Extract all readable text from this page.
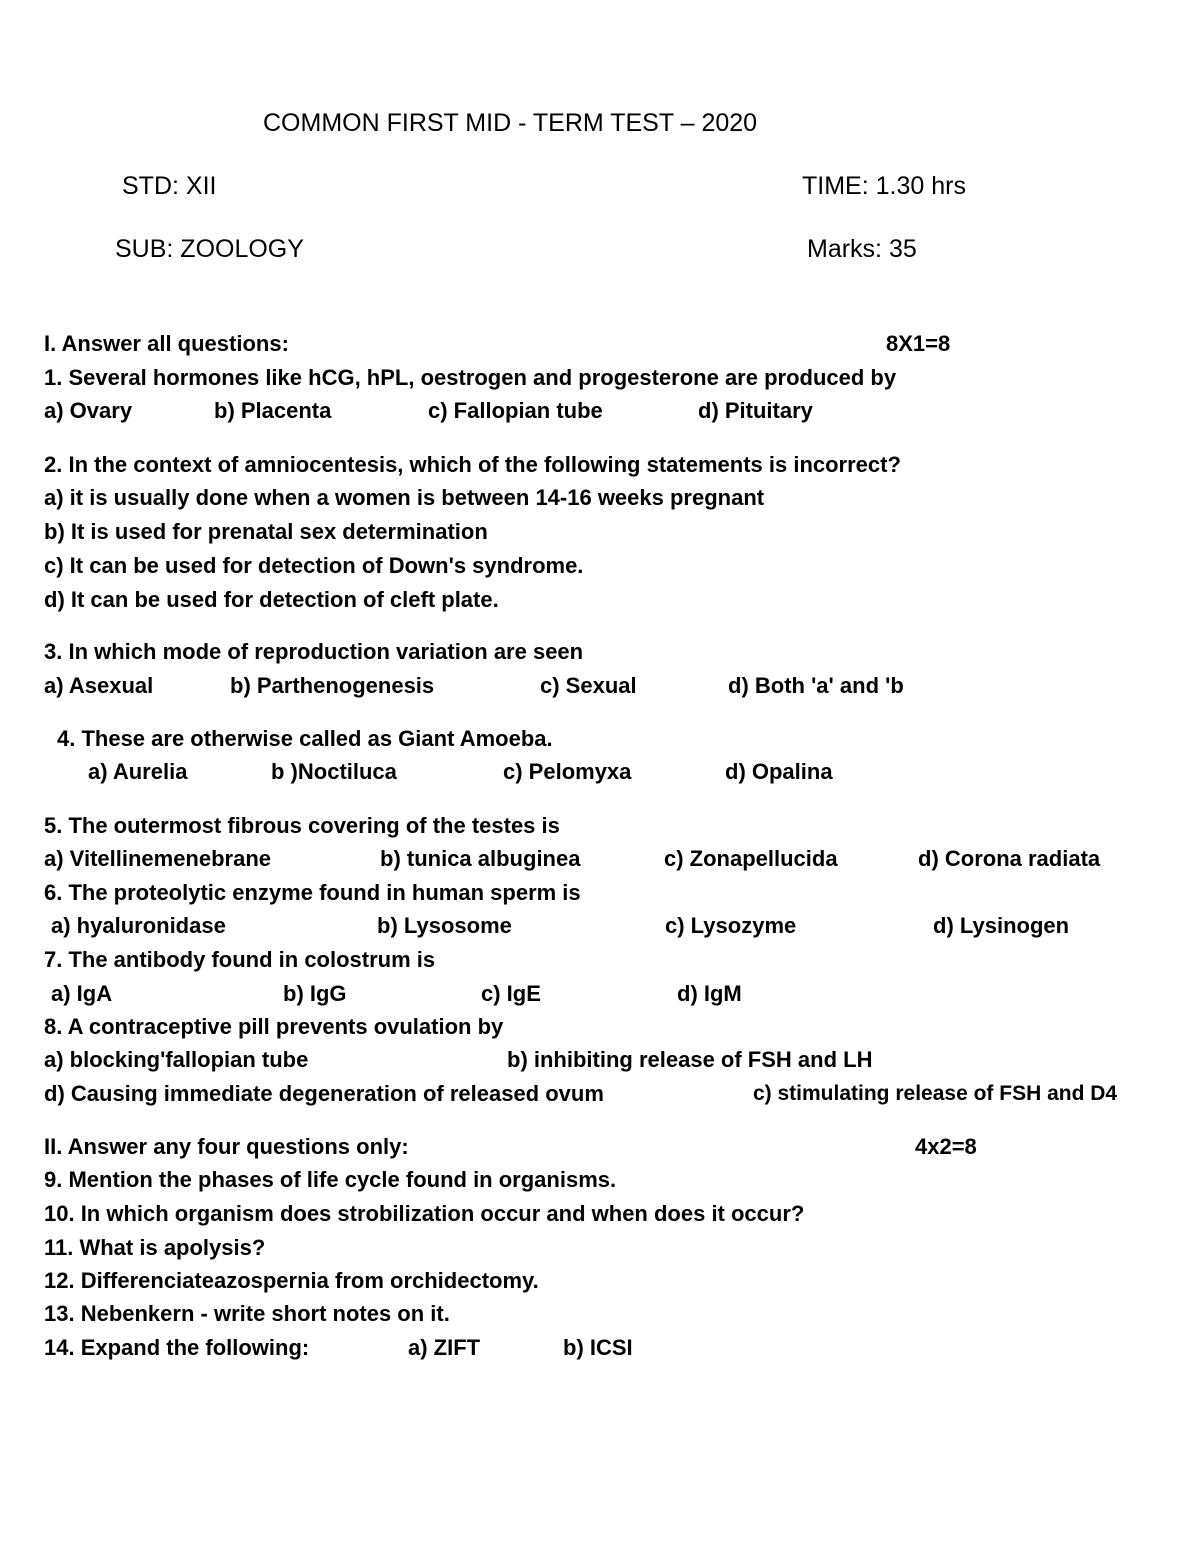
COMMON FIRST MID - TERM TEST – 2020
STD: XII	TIME: 1.30 hrs
SUB: ZOOLOGY	Marks: 35
I. Answer all questions:	8X1=8
1. Several hormones like hCG, hPL, oestrogen and progesterone are produced by
a) Ovary	b) Placenta	c) Fallopian tube	d) Pituitary
2. In the context of amniocentesis, which of the following statements is incorrect?
a) it is usually done when a women is between 14-16 weeks pregnant
b) It is used for prenatal sex determination
c) It can be used for detection of Down's syndrome.
d) It can be used for detection of cleft plate.
3. In which mode of reproduction variation are seen
a) Asexual	b) Parthenogenesis	c) Sexual	d) Both 'a' and 'b
4. These are otherwise called as Giant Amoeba.
a) Aurelia	b )Noctiluca	c) Pelomyxa	d) Opalina
5. The outermost fibrous covering of the testes is
a) Vitellinemenebrane	b) tunica albuginea	c) Zonapellucida	d) Corona radiata
6. The proteolytic enzyme found in human sperm is
a) hyaluronidase	b) Lysosome	c) Lysozyme	d) Lysinogen
7. The antibody found in colostrum is
a) IgA	b) IgG	c) IgE	d) IgM
8. A contraceptive pill prevents ovulation by
a) blocking'fallopian tube	b) inhibiting release of FSH and LH
d) Causing immediate degeneration of released ovum	c) stimulating release of FSH and D4
II. Answer any four questions only:	4x2=8
9. Mention the phases of life cycle found in organisms.
10. In which organism does strobilization occur and when does it occur?
11. What is apolysis?
12. Differenciateazospernia from orchidectomy.
13. Nebenkern - write short notes on it.
14. Expand the following:	a) ZIFT	b) ICSI
